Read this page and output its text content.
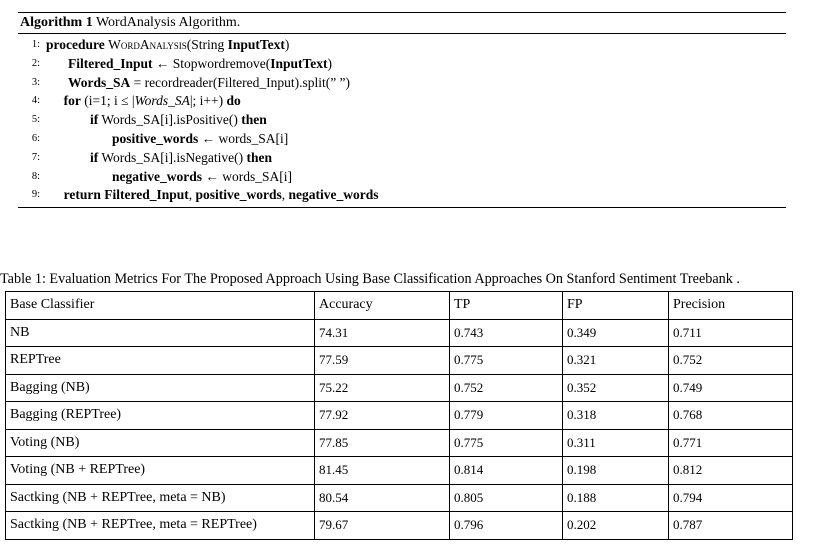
Algorithm 1 WordAnalysis Algorithm.
1: procedure WordAnalysis(String InputText)
2: Filtered_Input ← Stopwordremove(InputText)
3: Words_SA = recordreader(Filtered_Input).split(” ”)
4: for (i=1; i ≤ |Words_SA|; i++) do
5:	if Words_SA[i].isPositive() then
6:	positive_words ← words_SA[i]
7:	if Words_SA[i].isNegative() then
8:	negative_words ← words_SA[i]
9: return Filtered_Input, positive_words, negative_words
Table 1: Evaluation Metrics For The Proposed Approach Using Base Classification Approaches On Stanford Sentiment Treebank .
Base Classifier	Accuracy	TP	FP	Precision
NB	74.31	0.743	0.349	0.711
REPTree	77.59	0.775	0.321	0.752
Bagging (NB)	75.22	0.752	0.352	0.749
Bagging (REPTree)	77.92	0.779	0.318	0.768
Voting (NB)	77.85	0.775	0.311	0.771
Voting (NB + REPTree)	81.45	0.814	0.198	0.812
Sactking (NB + REPTree, meta = NB)	80.54	0.805	0.188	0.794
Sactking (NB + REPTree, meta = REPTree)	79.67	0.796	0.202	0.787
